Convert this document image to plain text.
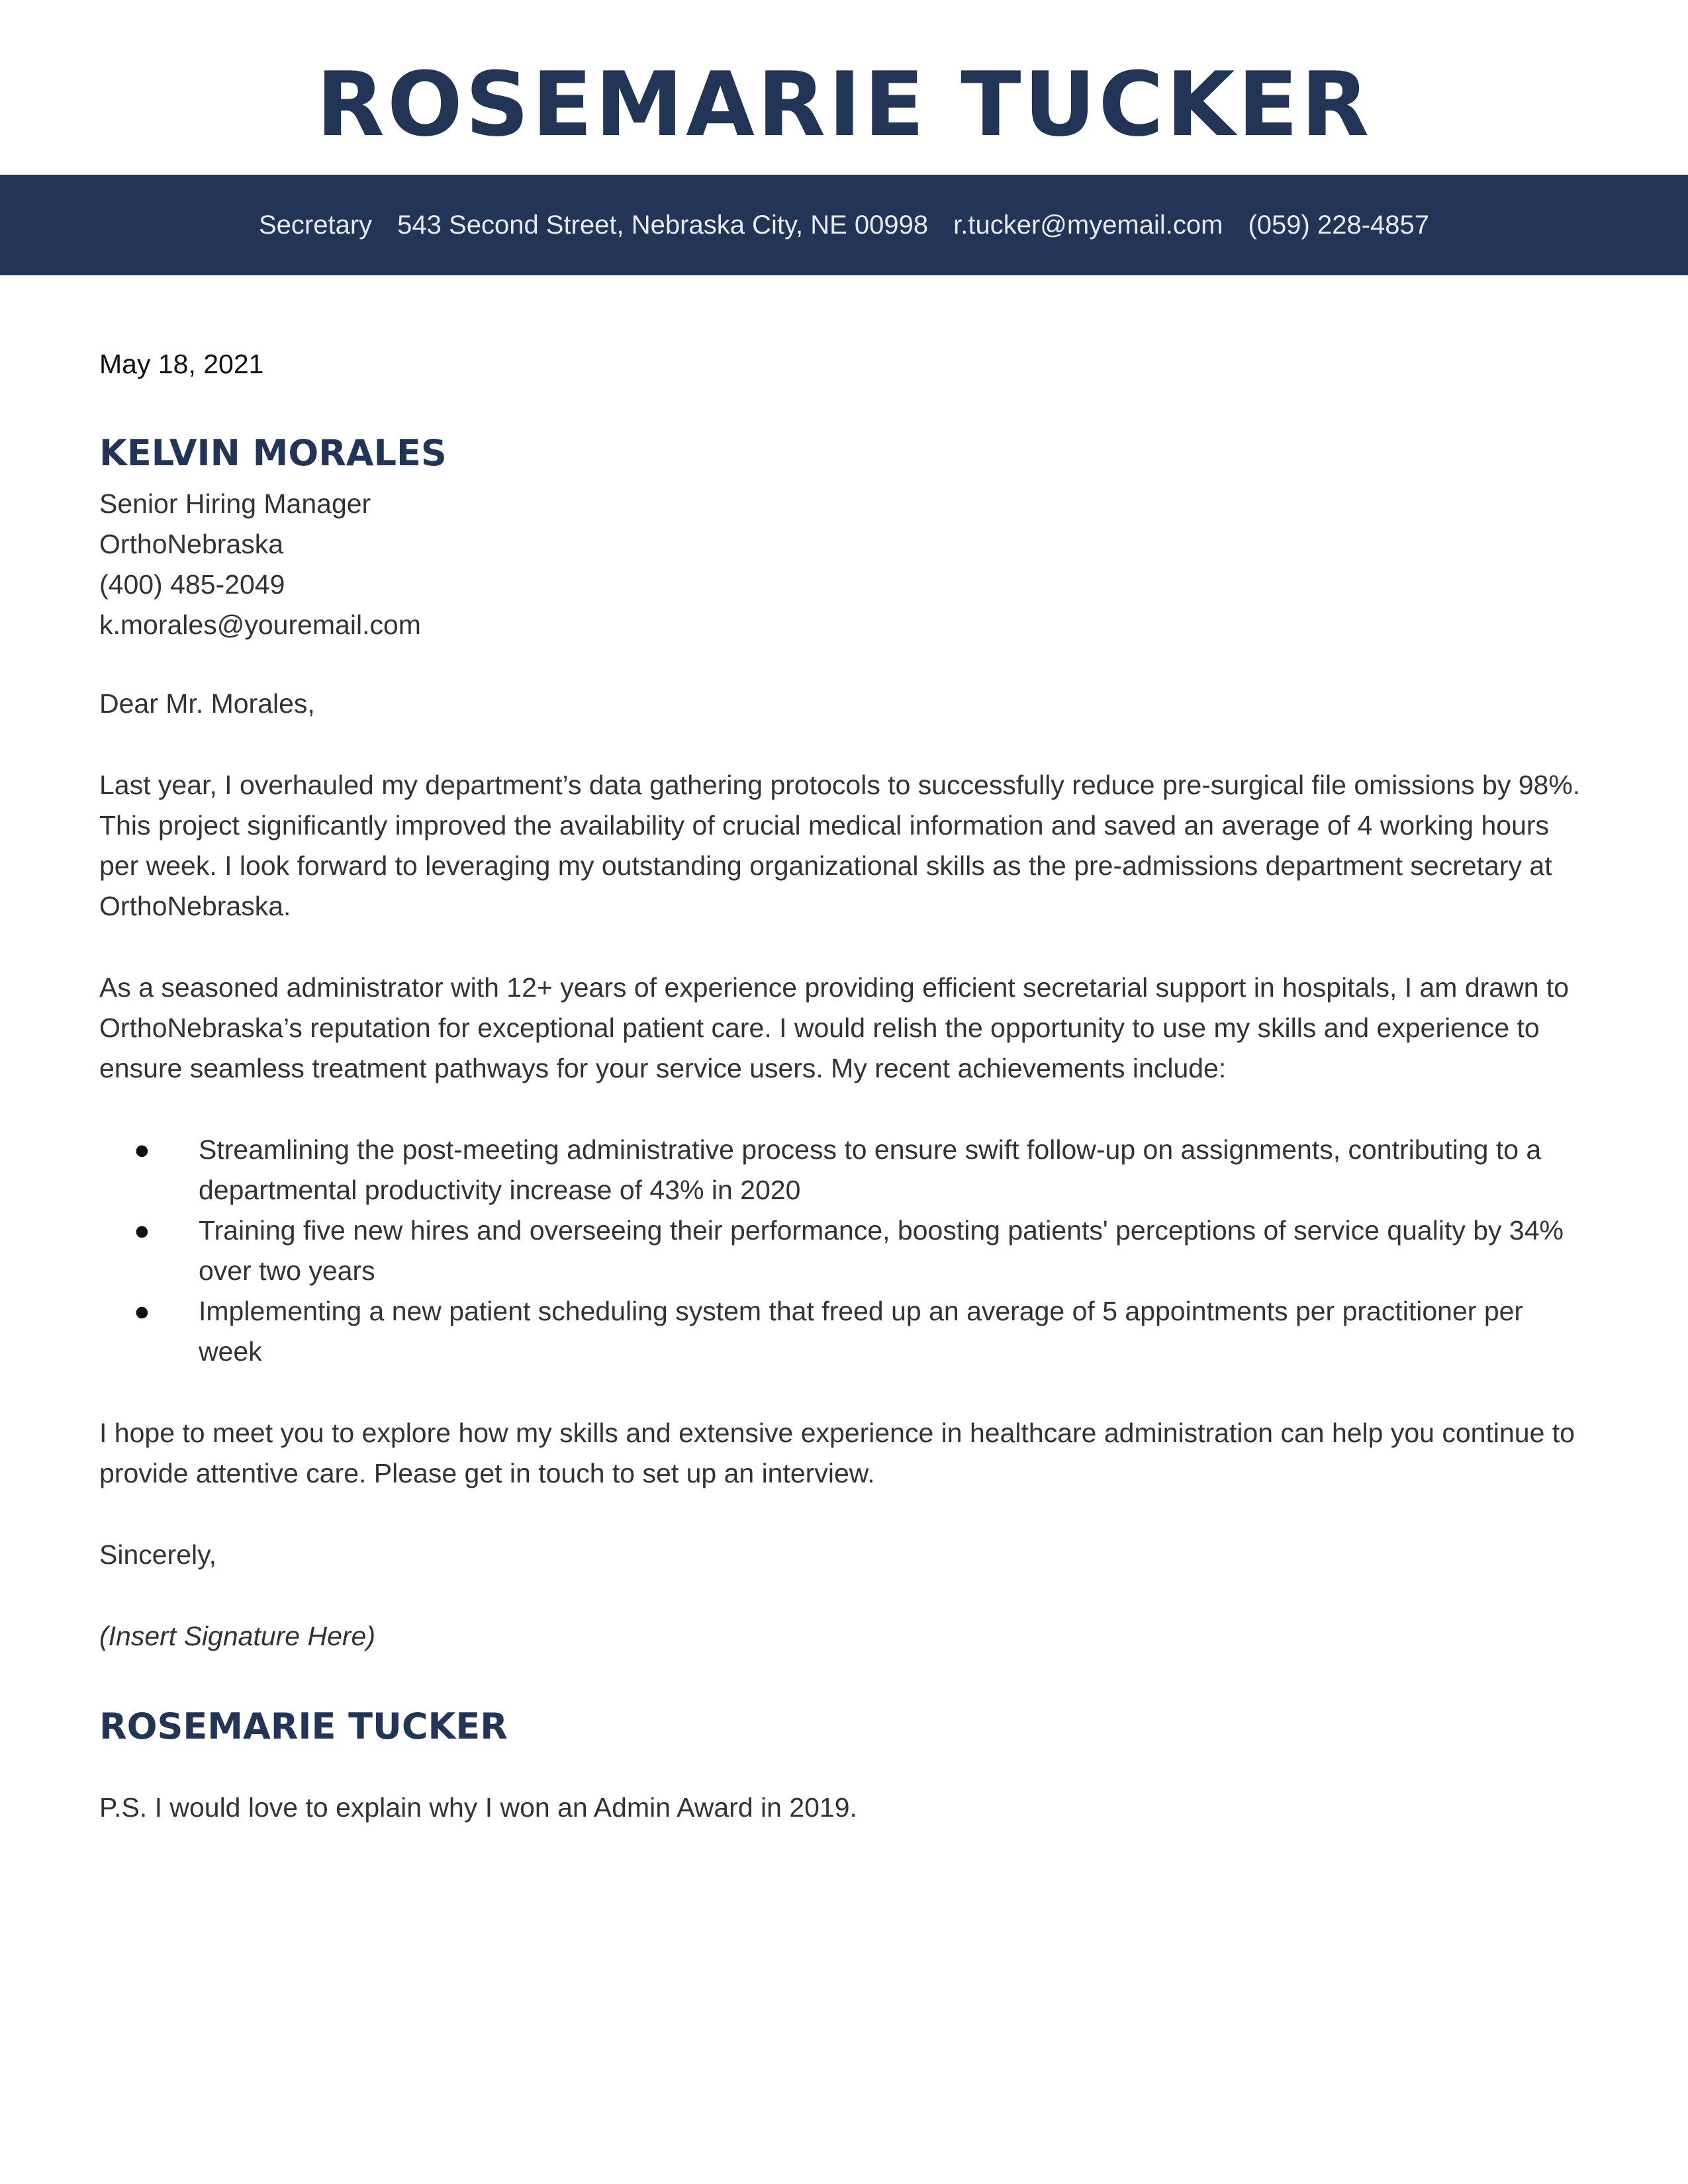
ROSEMARIE TUCKER
Secretary 543 Second Street, Nebraska City, NE 00998 r.tucker@myemail.com (059) 228-4857

May 18, 2021

KELVIN MORALES

Senior Hiring Manager

OrthoNebraska

(400) 485-2049

k.morales@youremail.com

Dear Mr. Morales,

Last year, I overhauled my department’s data gathering protocols to successfully reduce pre-surgical file omissions by 98%. This project significantly improved the availability of crucial medical information and saved an average of 4 working hours per week. I look forward to leveraging my outstanding organizational skills as the pre-admissions department secretary at OrthoNebraska.

As a seasoned administrator with 12+ years of experience providing efficient secretarial support in hospitals, I am drawn to OrthoNebraska’s reputation for exceptional patient care. I would relish the opportunity to use my skills and experience to ensure seamless treatment pathways for your service users. My recent achievements include:

● Streamlining the post-meeting administrative process to ensure swift follow-up on assignments, contributing to a departmental productivity increase of 43% in 2020
● Training five new hires and overseeing their performance, boosting patients' perceptions of service quality by 34% over two years
● Implementing a new patient scheduling system that freed up an average of 5 appointments per practitioner per week

I hope to meet you to explore how my skills and extensive experience in healthcare administration can help you continue to provide attentive care. Please get in touch to set up an interview.

Sincerely,

(Insert Signature Here)

ROSEMARIE TUCKER

P.S. I would love to explain why I won an Admin Award in 2019.
